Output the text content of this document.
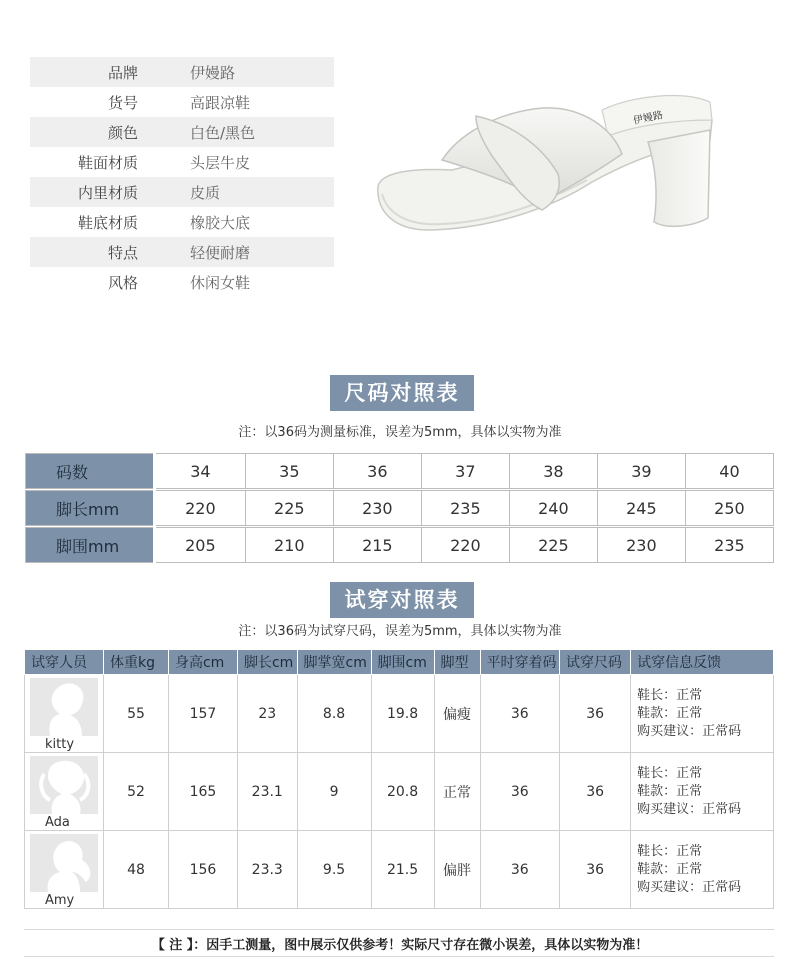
品牌	伊嫚路
货号	高跟凉鞋
颜色	白色/黑色
鞋面材质	头层牛皮
内里材质	皮质
鞋底材质	橡胶大底
特点	轻便耐磨
风格	休闲女鞋
伊嫚路
尺码对照表
注：以36码为测量标准，误差为5mm，具体以实物为准
码数	34	35	36	37	38	39	40

脚长mm	220	225	230	235	240	245	250

脚围mm	205	210	215	220	225	230	235
试穿对照表
注：以36码为试穿尺码，误差为5mm，具体以实物为准
试穿人员	体重kg	身高cm	脚长cm	脚掌宽cm	脚围cm	脚型	平时穿着码	试穿尺码	试穿信息反馈

kitty	55	157	23	8.8	19.8	偏瘦	36	36	鞋长：正常
鞋款：正常
购买建议：正常码

Ada	52	165	23.1	9	20.8	正常	36	36	鞋长：正常
鞋款：正常
购买建议：正常码

Amy	48	156	23.3	9.5	21.5	偏胖	36	36	鞋长：正常
鞋款：正常
购买建议：正常码
【 注 】：因手工测量，图中展示仅供参考！实际尺寸存在微小误差，具体以实物为准！
